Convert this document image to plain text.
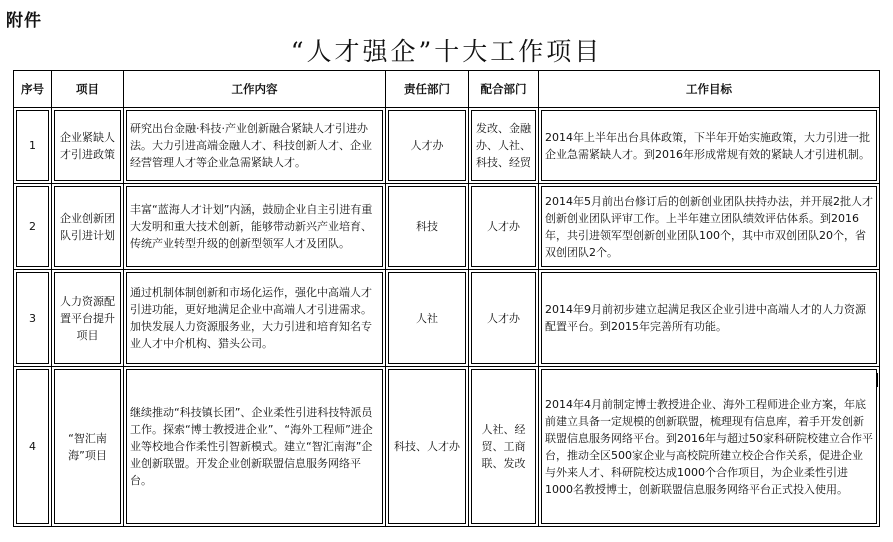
附件
“人才强企”十大工作项目
序号	项目	工作内容	责任部门	配合部门	工作目标

1	企业紧缺人才引进政策	研究出台金融·科技·产业创新融合紧缺人才引进办法。大力引进高端金融人才、科技创新人才、企业经营管理人才等企业急需紧缺人才。	人才办	发改、金融办、人社、科技、经贸	2014年上半年出台具体政策，下半年开始实施政策，大力引进一批企业急需紧缺人才。到2016年形成常规有效的紧缺人才引进机制。

2	企业创新团队引进计划	丰富“蓝海人才计划”内涵，鼓励企业自主引进有重大发明和重大技术创新，能够带动新兴产业培育、传统产业转型升级的创新型领军人才及团队。	科技	人才办	2014年5月前出台修订后的创新创业团队扶持办法，并开展2批人才创新创业团队评审工作。上半年建立团队绩效评估体系。到2016年，共引进领军型创新创业团队100个，其中市双创团队20个，省双创团队2个。

3	人力资源配置平台提升项目	通过机制体制创新和市场化运作，强化中高端人才引进功能，更好地满足企业中高端人才引进需求。加快发展人力资源服务业，大力引进和培育知名专业人才中介机构、猎头公司。	人社	人才办	2014年9月前初步建立起满足我区企业引进中高端人才的人力资源配置平台。到2015年完善所有功能。

4	“智汇南海”项目	继续推动“科技镇长团”、企业柔性引进科技特派员工作。探索“博士教授进企业”、“海外工程师”进企业等校地合作柔性引智新模式。建立“智汇南海”企业创新联盟。开发企业创新联盟信息服务网络平台。	科技、人才办	人社、经贸、工商联、发改	2014年4月前制定博士教授进企业、海外工程师进企业方案，年底前建立具备一定规模的创新联盟，梳理现有信息库，着手开发创新联盟信息服务网络平台。到2016年与超过50家科研院校建立合作平台，推动全区500家企业与高校院所建立校企合作关系，促进企业与外来人才、科研院校达成1000个合作项目，为企业柔性引进1000名教授博士，创新联盟信息服务网络平台正式投入使用。
